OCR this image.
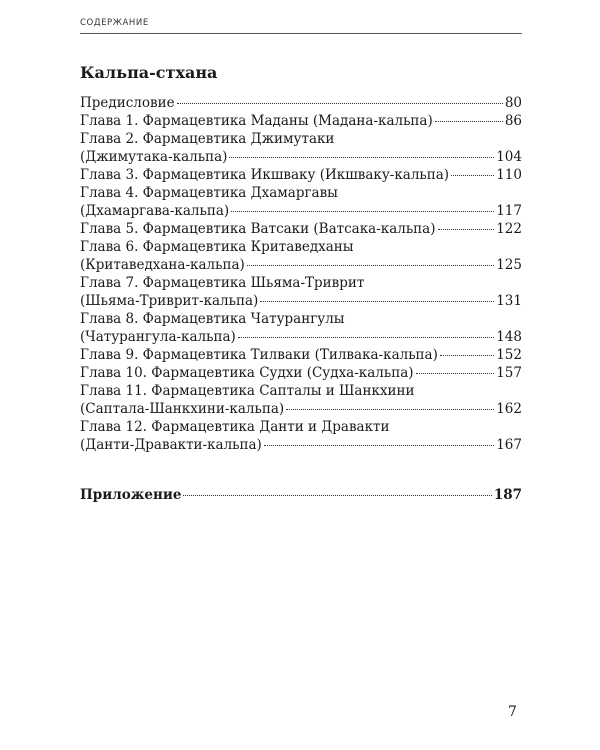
СОДЕРЖАНИЕ
Кальпа-стхана
Предисловие	80
Глава 1. Фармацевтика Маданы (Мадана-кальпа)	86
Глава 2. Фармацевтика Джимутаки
(Джимутака-кальпа)	104
Глава 3. Фармацевтика Икшваку (Икшваку-кальпа)	110
Глава 4. Фармацевтика Дхамаргавы
(Дхамаргава-кальпа)	117
Глава 5. Фармацевтика Ватсаки (Ватсака-кальпа)	122
Глава 6. Фармацевтика Критаведханы
(Критаведхана-кальпа)	125
Глава 7. Фармацевтика Шьяма-Триврит
(Шьяма-Триврит-кальпа)	131
Глава 8. Фармацевтика Чатурангулы
(Чатурангула-кальпа)	148
Глава 9. Фармацевтика Тилваки (Тилвака-кальпа)	152
Глава 10. Фармацевтика Судхи (Судха-кальпа)	157
Глава 11. Фармацевтика Саптaлы и Шанкхини
(Саптала-Шанкхини-кальпа)	162
Глава 12. Фармацевтика Данти и Дравакти
(Данти-Дравакти-кальпа)	167
Приложение	187
7
